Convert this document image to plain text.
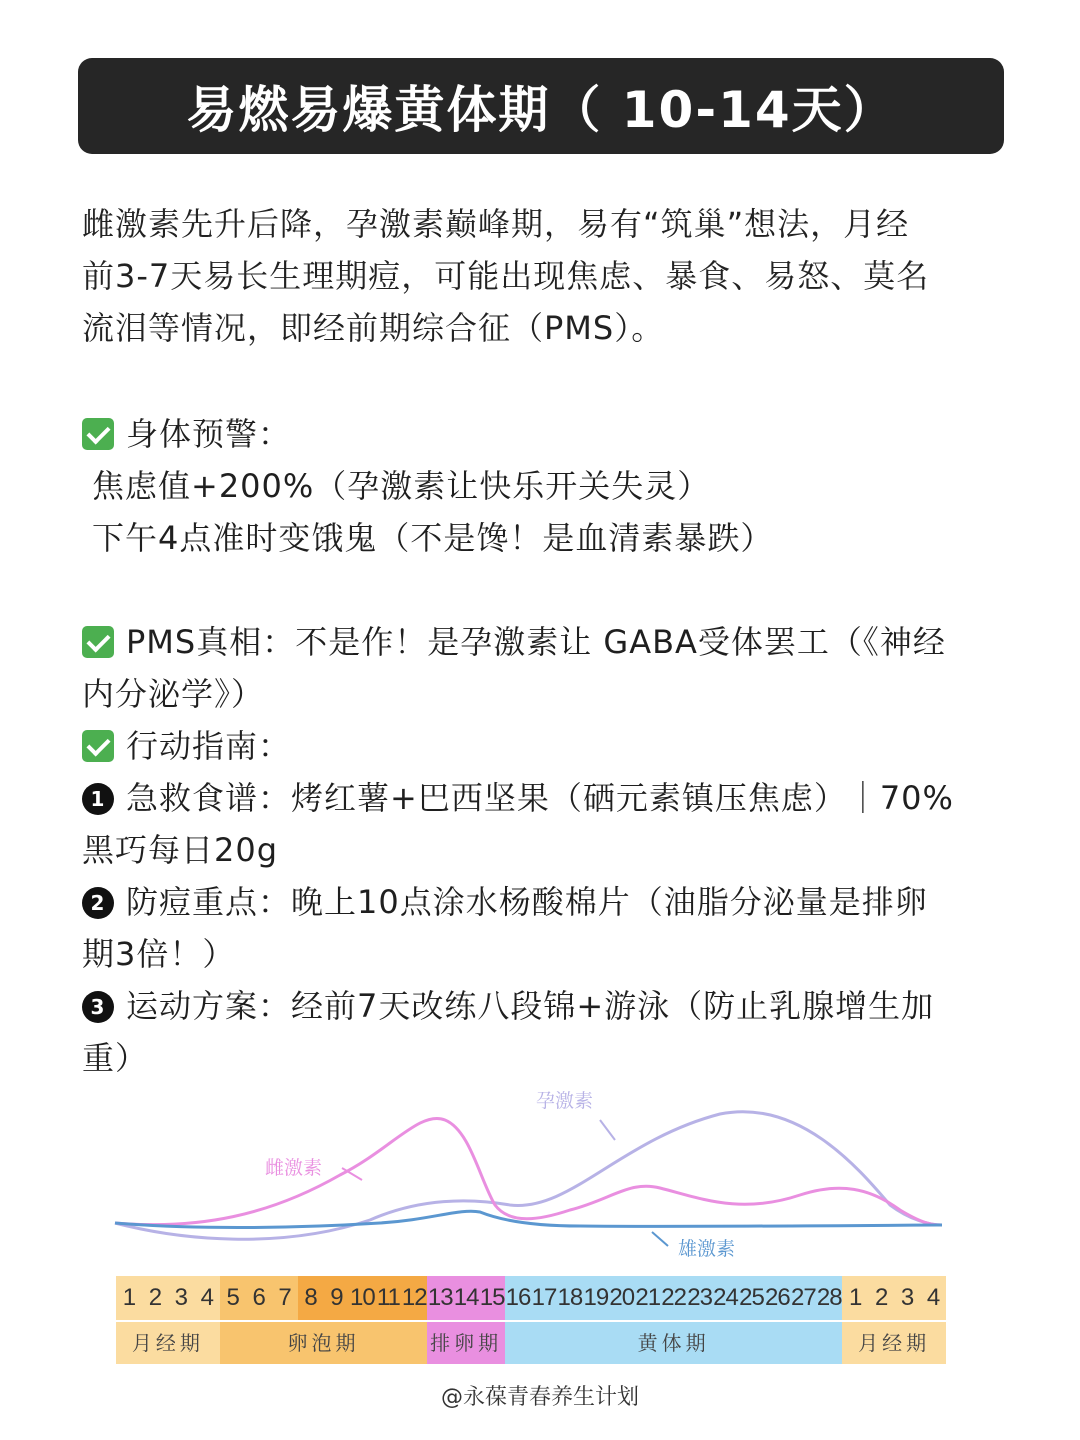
易燃易爆黄体期（ 10-14天）
雌激素先升后降，孕激素巅峰期，易有“筑巢”想法，月经
前3-7天易长生理期痘，可能出现焦虑、暴食、易怒、莫名
流泪等情况，即经前期综合征（PMS）。
身体预警：
焦虑值+200%（孕激素让快乐开关失灵）
下午4点准时变饿鬼（不是馋！是血清素暴跌）
PMS真相：不是作！是孕激素让 GABA受体罢工（《神经
内分泌学》）
行动指南：
1 急救食谱：烤红薯+巴西坚果（硒元素镇压焦虑）｜70%
黑巧每日20g
2 防痘重点：晚上10点涂水杨酸棉片（油脂分泌量是排卵
期3倍！）
3 运动方案：经前7天改练八段锦+游泳（防止乳腺增生加
重）
孕激素
雌激素
雄激素
1 2 3 4 5 6 7 8 9 10 11 12 13 14 15 16 17 18 19 20 21 22 23 24 25 26 27 28 1 2 3 4
月经期	卵泡期	排卵期	黄体期	月经期
@永葆青春养生计划
